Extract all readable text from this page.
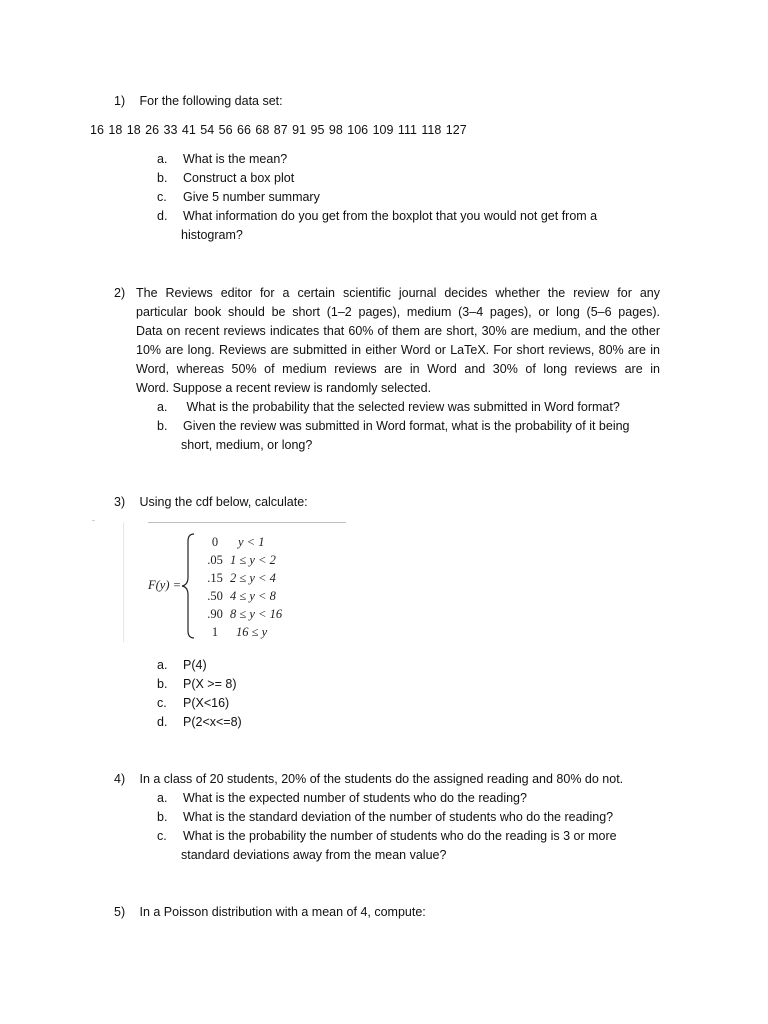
1) For the following data set:
16 18 18 26 33 41 54 56 66 68 87 91 95 98 106 109 111 118 127
a. What is the mean?
b. Construct a box plot
c. Give 5 number summary
d. What information do you get from the boxplot that you would not get from a
histogram?
2) The Reviews editor for a certain scientific journal decides whether the review for any
particular book should be short (1–2 pages), medium (3–4 pages), or long (5–6 pages).
Data on recent reviews indicates that 60% of them are short, 30% are medium, and the other
10% are long. Reviews are submitted in either Word or LaTeX. For short reviews, 80% are in
Word, whereas 50% of medium reviews are in Word and 30% of long reviews are in
Word. Suppose a recent review is randomly selected.
a. What is the probability that the selected review was submitted in Word format?
b. Given the review was submitted in Word format, what is the probability of it being
short, medium, or long?
3) Using the cdf below, calculate:
F(y) =
0	y < 1
.05 1 ≤ y < 2
.15 2 ≤ y < 4
.50 4 ≤ y < 8
.90 8 ≤ y < 16
1	16 ≤ y
a. P(4)
b. P(X >= 8)
c. P(X<16)
d. P(2<x<=8)
4) In a class of 20 students, 20% of the students do the assigned reading and 80% do not.
a. What is the expected number of students who do the reading?
b. What is the standard deviation of the number of students who do the reading?
c. What is the probability the number of students who do the reading is 3 or more
standard deviations away from the mean value?
5) In a Poisson distribution with a mean of 4, compute:
